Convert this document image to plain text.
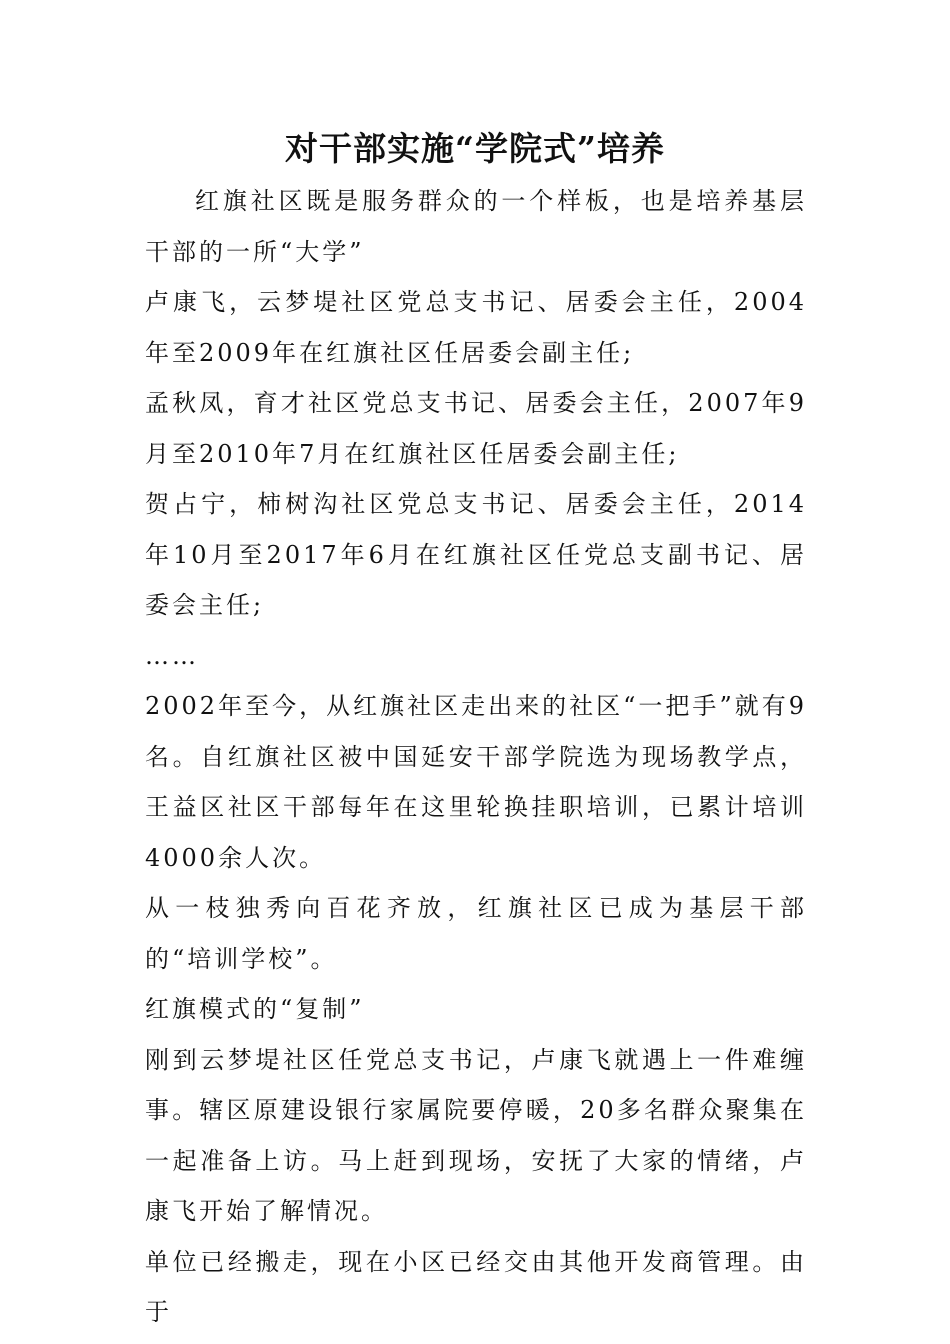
对干部实施“学院式”培养

红旗社区既是服务群众的一个样板，也是培养基层干部的一所“大学”

卢康飞，云梦堤社区党总支书记、居委会主任，2004年至2009年在红旗社区任居委会副主任;

孟秋凤，育才社区党总支书记、居委会主任，2007年9月至2010年7月在红旗社区任居委会副主任;

贺占宁，柿树沟社区党总支书记、居委会主任，2014年10月至2017年6月在红旗社区任党总支副书记、居委会主任;

……

2002年至今，从红旗社区走出来的社区“一把手”就有9名。自红旗社区被中国延安干部学院选为现场教学点，王益区社区干部每年在这里轮换挂职培训，已累计培训4000余人次。

从一枝独秀向百花齐放，红旗社区已成为基层干部的“培训学校”。

红旗模式的“复制”

刚到云梦堤社区任党总支书记，卢康飞就遇上一件难缠事。辖区原建设银行家属院要停暖，20多名群众聚集在一起准备上访。马上赶到现场，安抚了大家的情绪，卢康飞开始了解情况。

单位已经搬走，现在小区已经交由其他开发商管理。由于
